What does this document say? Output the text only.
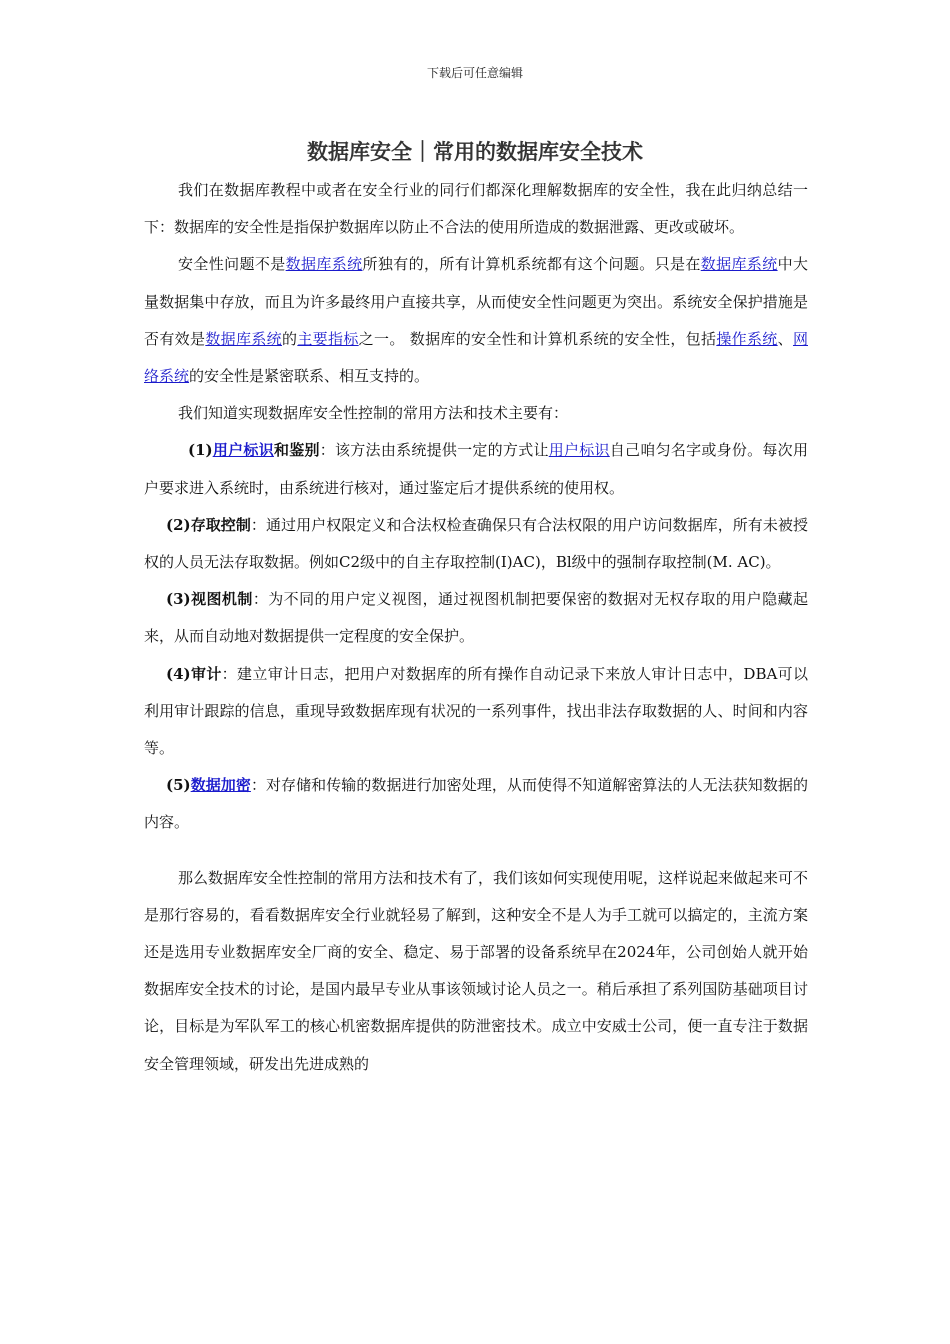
下载后可任意编辑
数据库安全｜常用的数据库安全技术

我们在数据库教程中或者在安全行业的同行们都深化理解数据库的安全性，我在此归纳总结一下：数据库的安全性是指保护数据库以防止不合法的使用所造成的数据泄露、更改或破坏。

安全性问题不是数据库系统所独有的，所有计算机系统都有这个问题。只是在数据库系统中大量数据集中存放，而且为许多最终用户直接共享，从而使安全性问题更为突出。系统安全保护措施是否有效是数据库系统的主要指标之一。 数据库的安全性和计算机系统的安全性，包括操作系统、网络系统的安全性是紧密联系、相互支持的。

我们知道实现数据库安全性控制的常用方法和技术主要有：

(1)用户标识和鉴别：该方法由系统提供一定的方式让用户标识自己咱匀名字或身份。每次用户要求进入系统时，由系统进行核对，通过鉴定后才提供系统的使用权。

(2)存取控制：通过用户权限定义和合法权检查确保只有合法权限的用户访问数据库，所有未被授权的人员无法存取数据。例如C2级中的自主存取控制(I)AC)，Bl级中的强制存取控制(M. AC)。

(3)视图机制：为不同的用户定义视图，通过视图机制把要保密的数据对无权存取的用户隐藏起来，从而自动地对数据提供一定程度的安全保护。

(4)审计：建立审计日志，把用户对数据库的所有操作自动记录下来放人审计日志中，DBA可以利用审计跟踪的信息，重现导致数据库现有状况的一系列事件，找出非法存取数据的人、时间和内容等。

(5)数据加密：对存储和传输的数据进行加密处理，从而使得不知道解密算法的人无法获知数据的内容。

那么数据库安全性控制的常用方法和技术有了，我们该如何实现使用呢，这样说起来做起来可不是那行容易的，看看数据库安全行业就轻易了解到，这种安全不是人为手工就可以搞定的，主流方案还是选用专业数据库安全厂商的安全、稳定、易于部署的设备系统早在2024年，公司创始人就开始数据库安全技术的讨论，是国内最早专业从事该领域讨论人员之一。稍后承担了系列国防基础项目讨论，目标是为军队军工的核心机密数据库提供的防泄密技术。成立中安威士公司，便一直专注于数据安全管理领域，研发出先进成熟的
